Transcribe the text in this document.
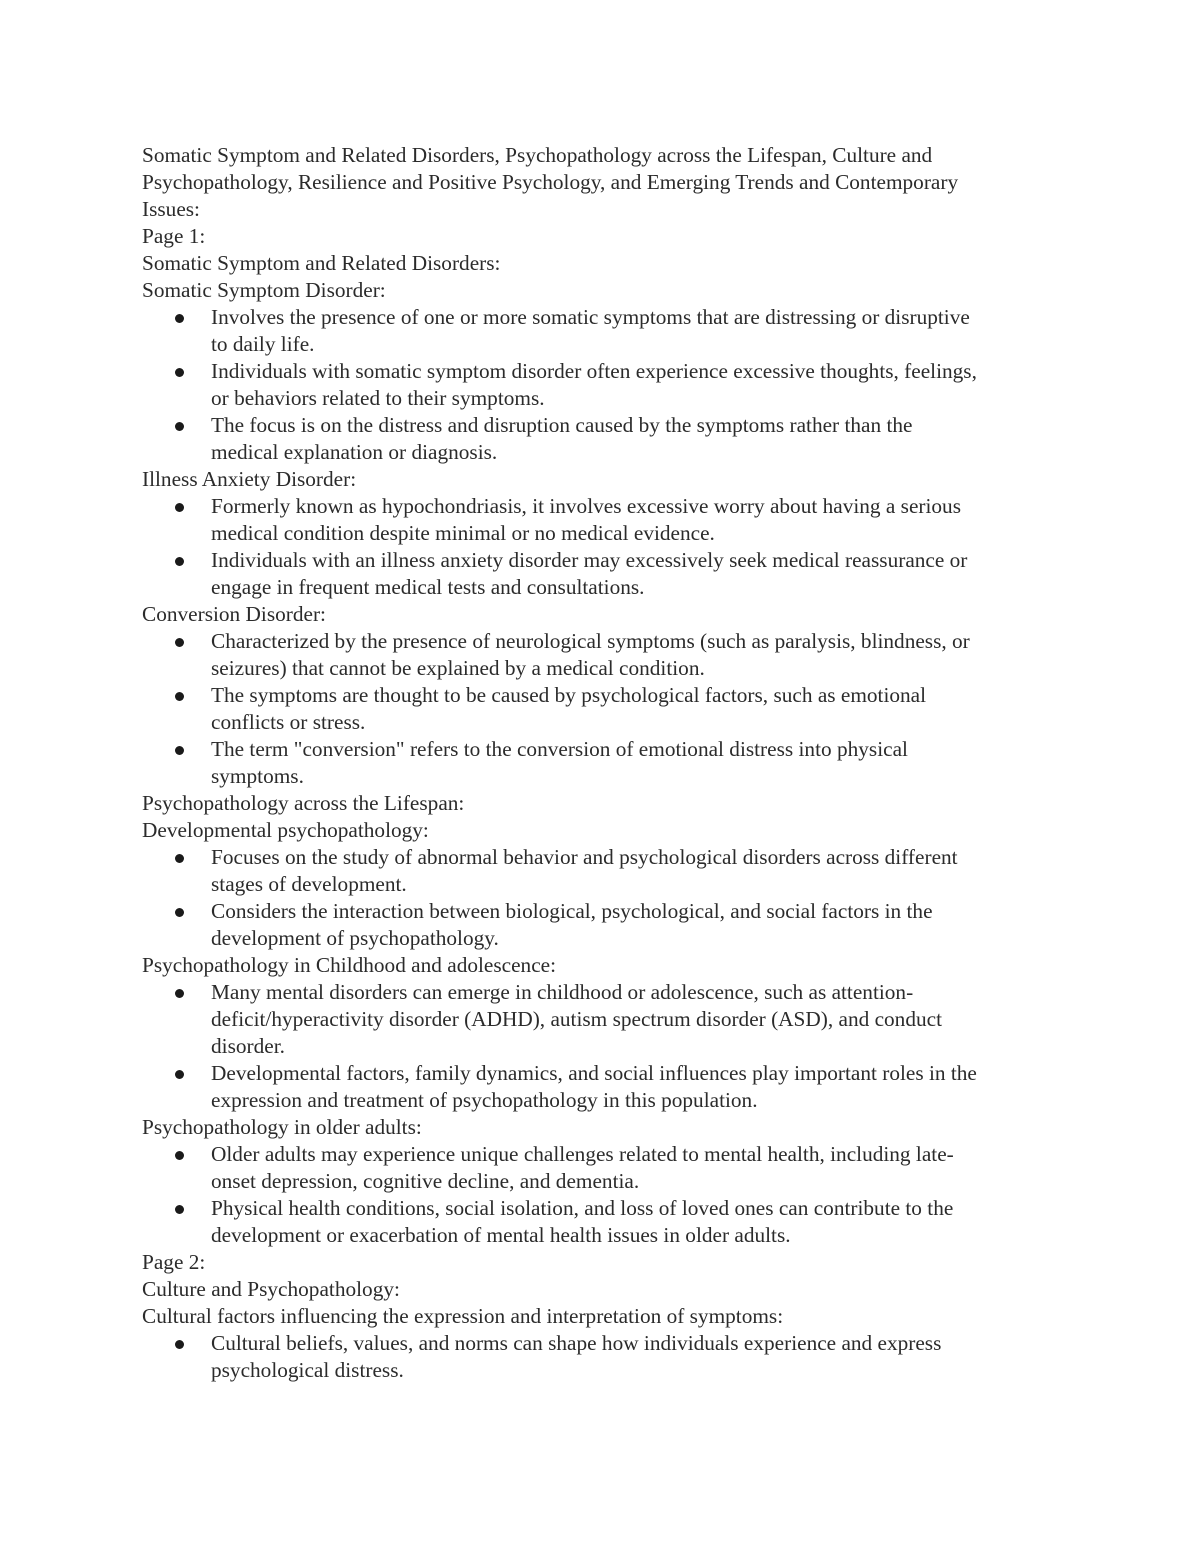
Somatic Symptom and Related Disorders, Psychopathology across the Lifespan, Culture and
Psychopathology, Resilience and Positive Psychology, and Emerging Trends and Contemporary
Issues:
Page 1:
Somatic Symptom and Related Disorders:
Somatic Symptom Disorder:
Involves the presence of one or more somatic symptoms that are distressing or disruptive
to daily life.
Individuals with somatic symptom disorder often experience excessive thoughts, feelings,
or behaviors related to their symptoms.
The focus is on the distress and disruption caused by the symptoms rather than the
medical explanation or diagnosis.
Illness Anxiety Disorder:
Formerly known as hypochondriasis, it involves excessive worry about having a serious
medical condition despite minimal or no medical evidence.
Individuals with an illness anxiety disorder may excessively seek medical reassurance or
engage in frequent medical tests and consultations.
Conversion Disorder:
Characterized by the presence of neurological symptoms (such as paralysis, blindness, or
seizures) that cannot be explained by a medical condition.
The symptoms are thought to be caused by psychological factors, such as emotional
conflicts or stress.
The term "conversion" refers to the conversion of emotional distress into physical
symptoms.
Psychopathology across the Lifespan:
Developmental psychopathology:
Focuses on the study of abnormal behavior and psychological disorders across different
stages of development.
Considers the interaction between biological, psychological, and social factors in the
development of psychopathology.
Psychopathology in Childhood and adolescence:
Many mental disorders can emerge in childhood or adolescence, such as attention-
deficit/hyperactivity disorder (ADHD), autism spectrum disorder (ASD), and conduct
disorder.
Developmental factors, family dynamics, and social influences play important roles in the
expression and treatment of psychopathology in this population.
Psychopathology in older adults:
Older adults may experience unique challenges related to mental health, including late-
onset depression, cognitive decline, and dementia.
Physical health conditions, social isolation, and loss of loved ones can contribute to the
development or exacerbation of mental health issues in older adults.
Page 2:
Culture and Psychopathology:
Cultural factors influencing the expression and interpretation of symptoms:
Cultural beliefs, values, and norms can shape how individuals experience and express
psychological distress.
